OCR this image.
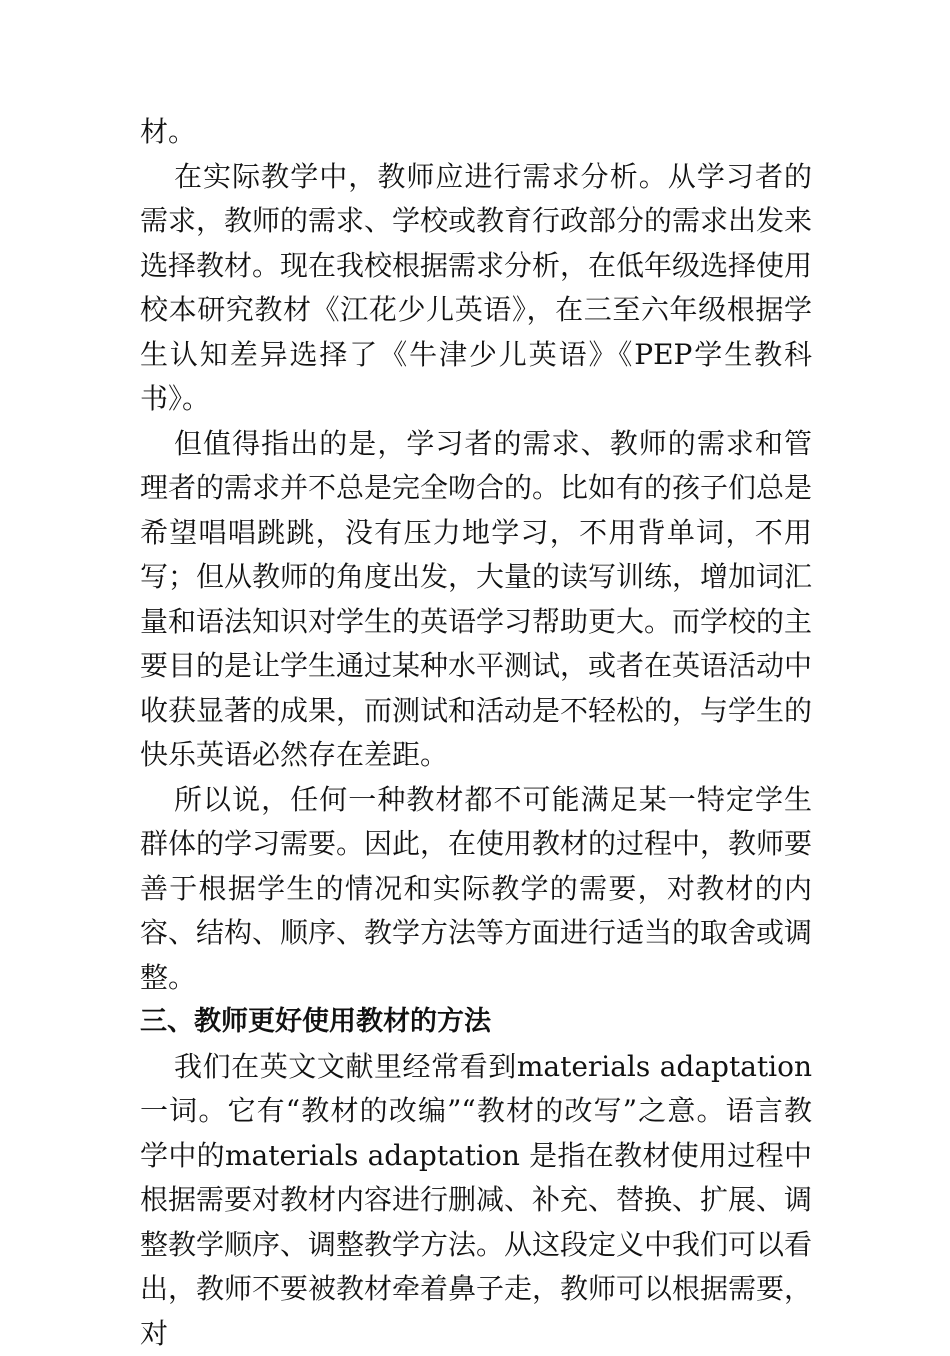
材。

在实际教学中，教师应进行需求分析。从学习者的需求，教师的需求、学校或教育行政部分的需求出发来选择教材。现在我校根据需求分析，在低年级选择使用校本研究教材《江花少儿英语》，在三至六年级根据学生认知差异选择了《牛津少儿英语》《PEP学生教科书》。

但值得指出的是，学习者的需求、教师的需求和管理者的需求并不总是完全吻合的。比如有的孩子们总是希望唱唱跳跳，没有压力地学习，不用背单词，不用写；但从教师的角度出发，大量的读写训练，增加词汇量和语法知识对学生的英语学习帮助更大。而学校的主要目的是让学生通过某种水平测试，或者在英语活动中收获显著的成果，而测试和活动是不轻松的，与学生的快乐英语必然存在差距。

所以说，任何一种教材都不可能满足某一特定学生群体的学习需要。因此，在使用教材的过程中，教师要善于根据学生的情况和实际教学的需要，对教材的内容、结构、顺序、教学方法等方面进行适当的取舍或调整。

三、教师更好使用教材的方法

我们在英文文献里经常看到materials adaptation一词。它有“教材的改编”“教材的改写”之意。语言教学中的materials adaptation 是指在教材使用过程中根据需要对教材内容进行删减、补充、替换、扩展、调整教学顺序、调整教学方法。从这段定义中我们可以看出，教师不要被教材牵着鼻子走，教师可以根据需要，对
